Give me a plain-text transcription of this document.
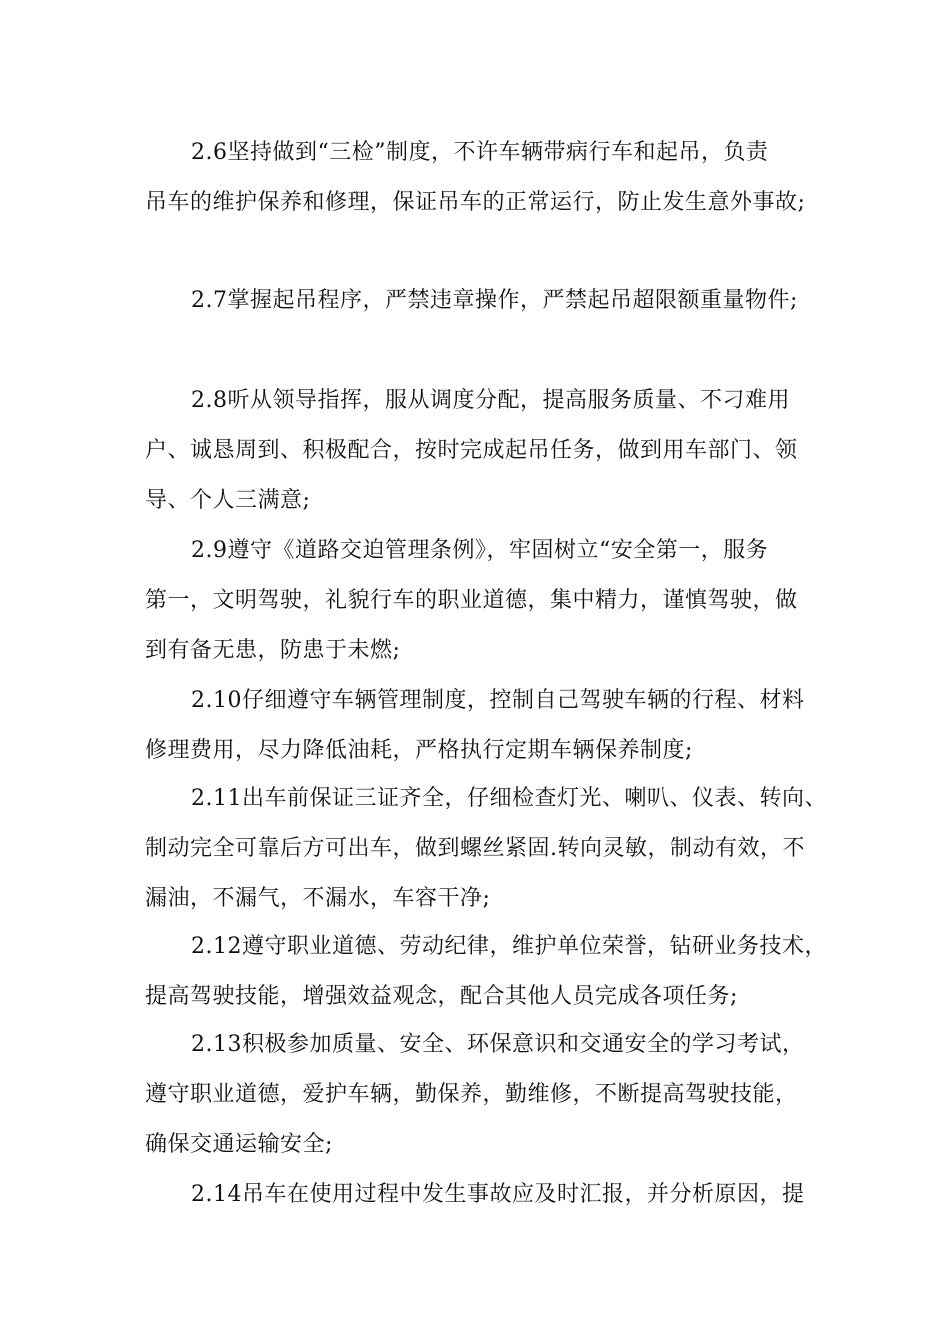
2.6坚持做到“三检”制度，不许车辆带病行车和起吊，负责
吊车的维护保养和修理，保证吊车的正常运行，防止发生意外事故;

2.7掌握起吊程序，严禁违章操作，严禁起吊超限额重量物件;

2.8听从领导指挥，服从调度分配，提高服务质量、不刁难用
户、诚恳周到、积极配合，按时完成起吊任务，做到用车部门、领
导、个人三满意;

2.9遵守《道路交迫管理条例》，牢固树立“安全第一，服务
第一，文明驾驶，礼貌行车的职业道德，集中精力，谨慎驾驶，做
到有备无患，防患于未燃;

2.10仔细遵守车辆管理制度，控制自己驾驶车辆的行程、材料
修理费用，尽力降低油耗，严格执行定期车辆保养制度;

2.11出车前保证三证齐全，仔细检查灯光、喇叭、仪表、转向、
制动完全可靠后方可出车，做到螺丝紧固.转向灵敏，制动有效，不
漏油，不漏气，不漏水，车容干净;

2.12遵守职业道德、劳动纪律，维护单位荣誉，钻研业务技术，
提高驾驶技能，增强效益观念，配合其他人员完成各项任务;

2.13积极参加质量、安全、环保意识和交通安全的学习考试，
遵守职业道德，爱护车辆，勤保养，勤维修，不断提高驾驶技能，
确保交通运输安全;

2.14吊车在使用过程中发生事故应及时汇报，并分析原因，提
